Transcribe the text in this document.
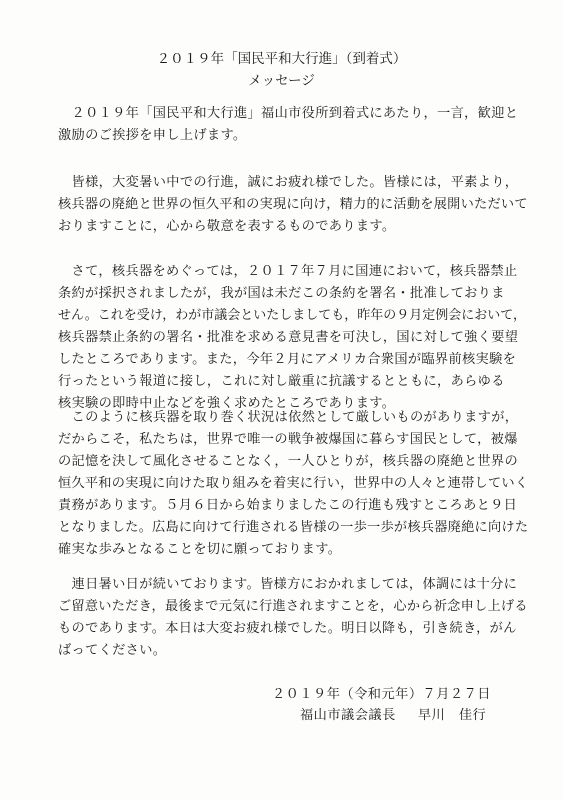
２０１９年「国民平和大行進」（到着式）
メッセージ
　２０１９年「国民平和大行進」福山市役所到着式にあたり，一言，歓迎と
激励のご挨拶を申し上げます。
　皆様，大変暑い中での行進，誠にお疲れ様でした。皆様には，平素より，
核兵器の廃絶と世界の恒久平和の実現に向け，精力的に活動を展開いただいて
おりますことに，心から敬意を表するものであります。
　さて，核兵器をめぐっては，２０１７年７月に国連において，核兵器禁止
条約が採択されましたが，我が国は未だこの条約を署名・批准しておりま
せん。これを受け，わが市議会といたしましても，昨年の９月定例会において，
核兵器禁止条約の署名・批准を求める意見書を可決し，国に対して強く要望
したところであります。また，今年２月にアメリカ合衆国が臨界前核実験を
行ったという報道に接し，これに対し厳重に抗議するとともに，あらゆる
核実験の即時中止などを強く求めたところであります。
　このように核兵器を取り巻く状況は依然として厳しいものがありますが，
だからこそ，私たちは，世界で唯一の戦争被爆国に暮らす国民として，被爆
の記憶を決して風化させることなく，一人ひとりが，核兵器の廃絶と世界の
恒久平和の実現に向けた取り組みを着実に行い，世界中の人々と連帯していく
責務があります。５月６日から始まりましたこの行進も残すところあと９日
となりました。広島に向けて行進される皆様の一歩一歩が核兵器廃絶に向けた
確実な歩みとなることを切に願っております。
　連日暑い日が続いております。皆様方におかれましては，体調には十分に
ご留意いただき，最後まで元気に行進されますことを，心から祈念申し上げる
ものであります。本日は大変お疲れ様でした。明日以降も，引き続き，がん
ばってください。
２０１９年（令和元年）７月２７日
福山市議会議長 早川　佳行
